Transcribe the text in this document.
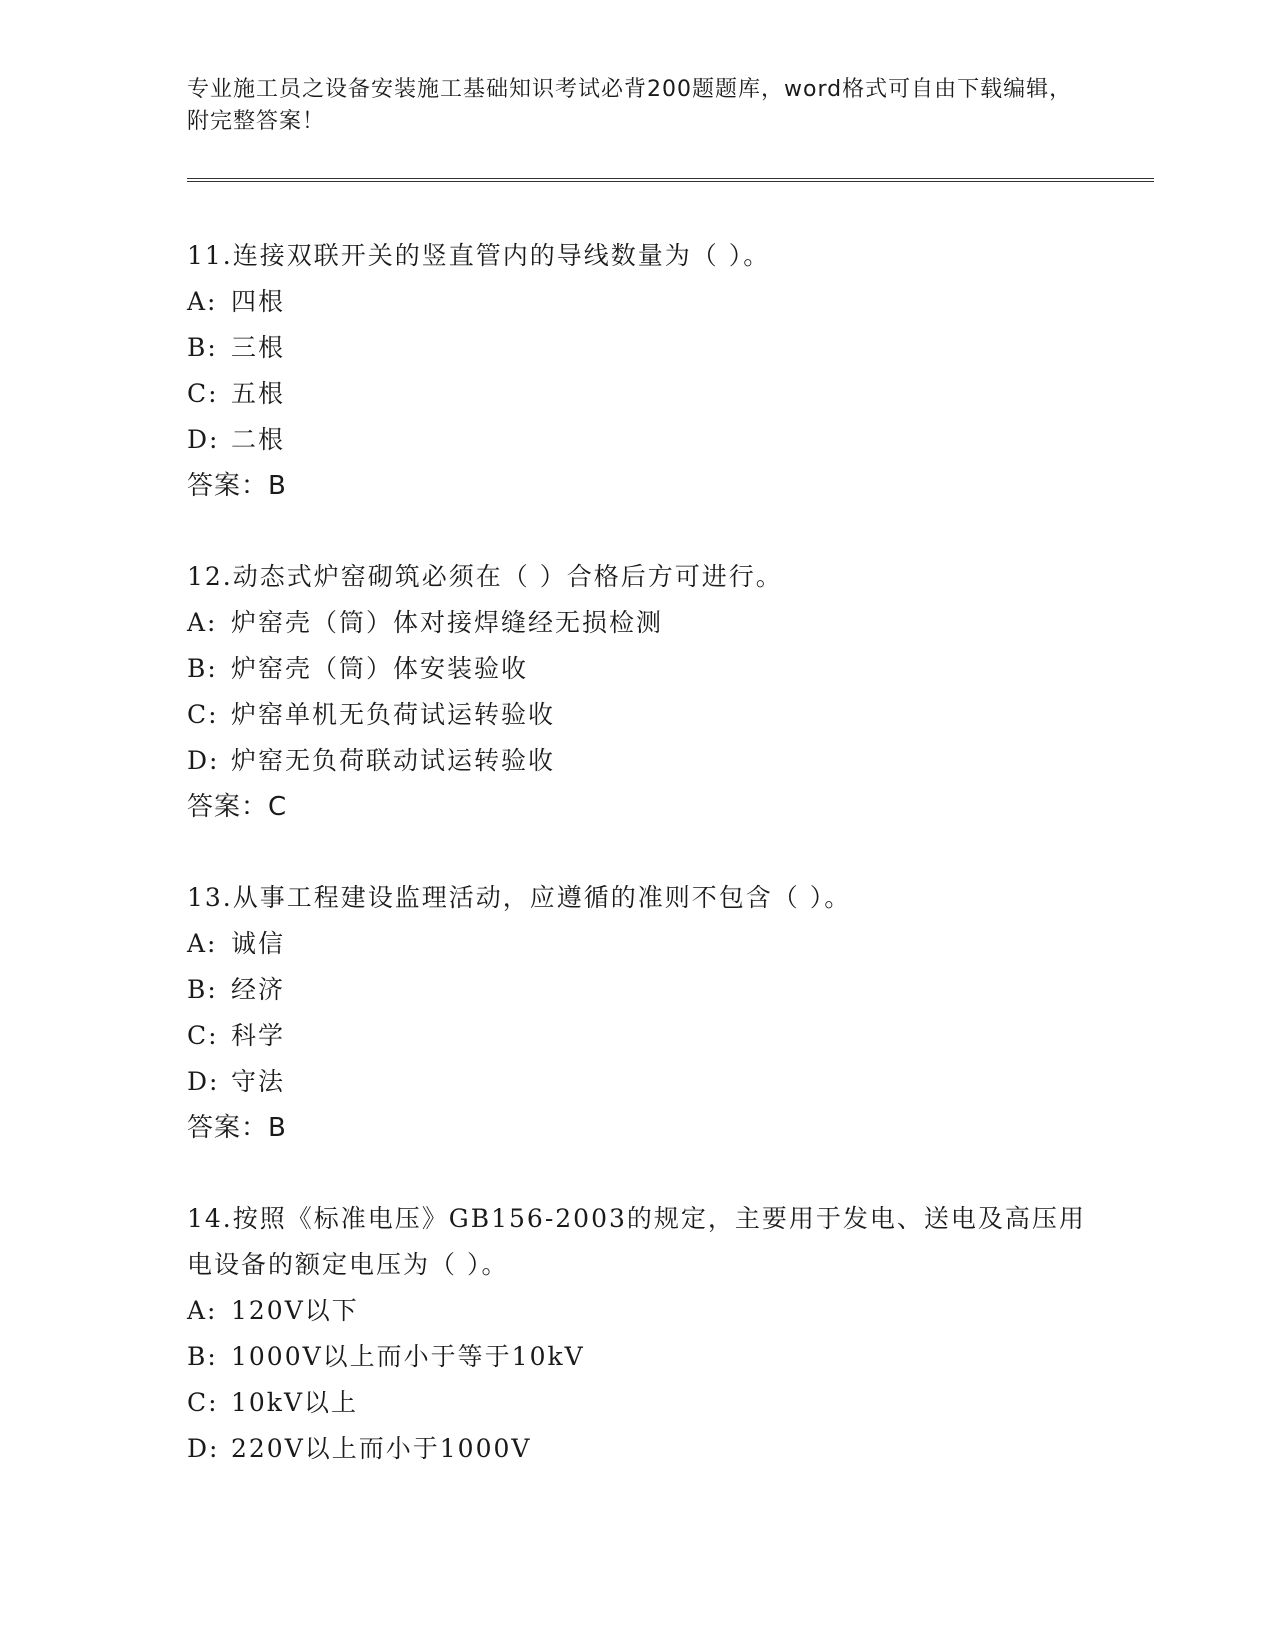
专业施工员之设备安装施工基础知识考试必背200题题库，word格式可自由下载编辑，附完整答案！
11.连接双联开关的竖直管内的导线数量为（ ）。
A: 四根
B: 三根
C: 五根
D: 二根
答案：B
12.动态式炉窑砌筑必须在（ ）合格后方可进行。
A: 炉窑壳（筒）体对接焊缝经无损检测
B: 炉窑壳（筒）体安装验收
C: 炉窑单机无负荷试运转验收
D: 炉窑无负荷联动试运转验收
答案：C
13.从事工程建设监理活动，应遵循的准则不包含（ ）。
A: 诚信
B: 经济
C: 科学
D: 守法
答案：B
14.按照《标准电压》GB156-2003的规定，主要用于发电、送电及高压用电设备的额定电压为（ ）。
A: 120V以下
B: 1000V以上而小于等于10kV
C: 10kV以上
D: 220V以上而小于1000V
